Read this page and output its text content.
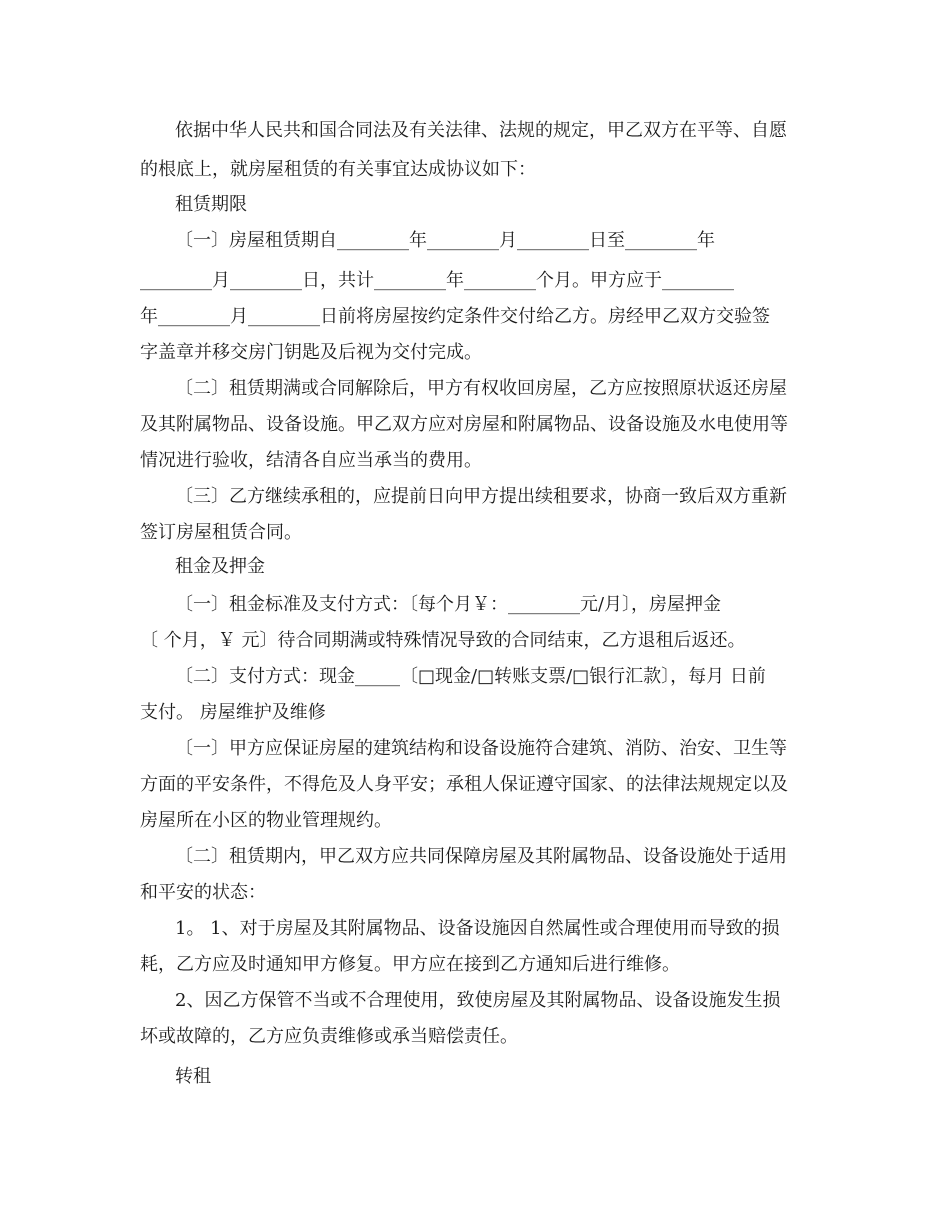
依据中华人民共和国合同法及有关法律、法规的规定，甲乙双方在平等、自愿
的根底上，就房屋租赁的有关事宜达成协议如下：
租赁期限
〔一〕房屋租赁期自________年________月________日至________年
________月________日，共计________年________个月。甲方应于________
年________月________日前将房屋按约定条件交付给乙方。房经甲乙双方交验签
字盖章并移交房门钥匙及后视为交付完成。
〔二〕租赁期满或合同解除后，甲方有权收回房屋，乙方应按照原状返还房屋
及其附属物品、设备设施。甲乙双方应对房屋和附属物品、设备设施及水电使用等
情况进行验收，结清各自应当承当的费用。
〔三〕乙方继续承租的，应提前日向甲方提出续租要求，协商一致后双方重新
签订房屋租赁合同。
租金及押金
〔一〕租金标准及支付方式：〔每个月￥：________元/月〕，房屋押金
〔 个月，￥ 元〕待合同期满或特殊情况导致的合同结束，乙方退租后返还。
〔二〕支付方式：现金_____〔□现金/□转账支票/□银行汇款〕，每月 日前
支付。 房屋维护及维修
〔一〕甲方应保证房屋的建筑结构和设备设施符合建筑、消防、治安、卫生等
方面的平安条件，不得危及人身平安；承租人保证遵守国家、的法律法规规定以及
房屋所在小区的物业管理规约。
〔二〕租赁期内，甲乙双方应共同保障房屋及其附属物品、设备设施处于适用
和平安的状态：
1。 1、对于房屋及其附属物品、设备设施因自然属性或合理使用而导致的损
耗，乙方应及时通知甲方修复。甲方应在接到乙方通知后进行维修。
2、因乙方保管不当或不合理使用，致使房屋及其附属物品、设备设施发生损
坏或故障的，乙方应负责维修或承当赔偿责任。
转租
